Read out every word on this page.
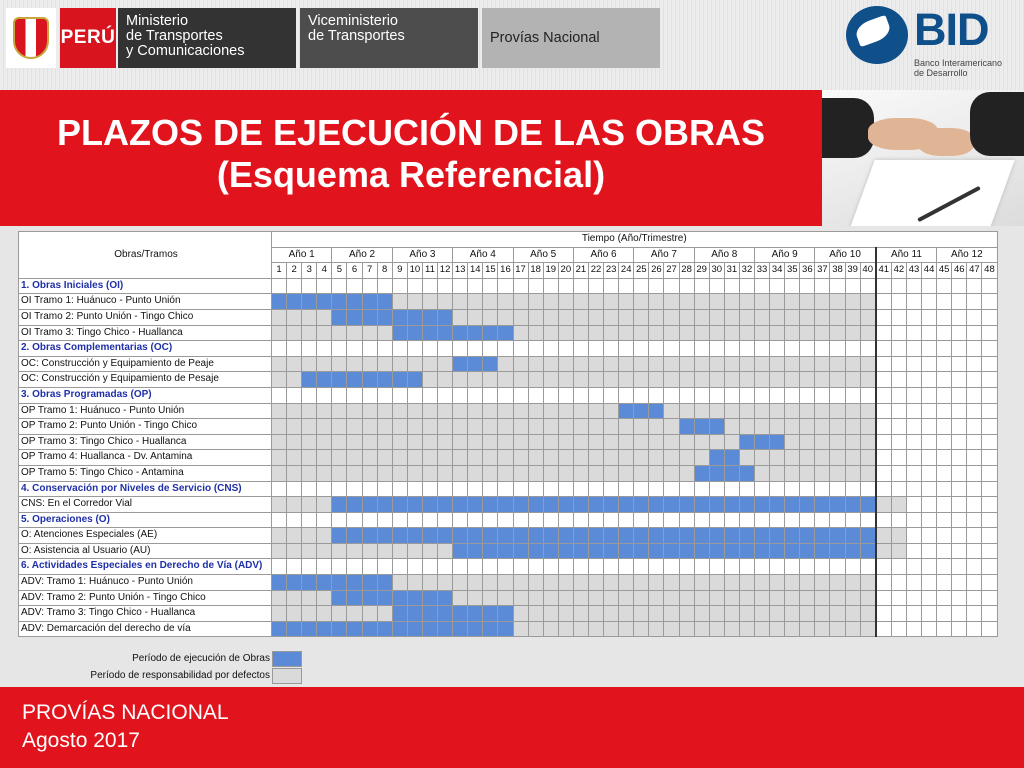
PERÚ
Ministerio
de Transportes
y Comunicaciones
Viceministerio
de Transportes	Provías Nacional	BID
Banco Interamericano
de Desarrollo
PLAZOS DE EJECUCIÓN DE LAS OBRAS
(Esquema Referencial)
Obras/Tramos	Tiempo (Año/Trimestre)																																															
	Año 1				Año 2				Año 3				Año 4				Año 5				Año 6				Año 7				Año 8				Año 9				Año 10				Año 11				Año 12			
	1	2	3	4	5	6	7	8	9	10	11	12	13	14	15	16	17	18	19	20	21	22	23	24	25	26	27	28	29	30	31	32	33	34	35	36	37	38	39	40	41	42	43	44	45	46	47	48
1. Obras Iniciales (OI)																																																
OI Tramo 1: Huánuco - Punto Unión																																																
OI Tramo 2: Punto Unión - Tingo Chico																																																
OI Tramo 3: Tingo Chico - Huallanca																																																
2. Obras Complementarias (OC)																																																
OC: Construcción y Equipamiento de Peaje																																																
OC: Construcción y Equipamiento de Pesaje																																																
3. Obras Programadas (OP)																																																
OP Tramo 1: Huánuco - Punto Unión																																																
OP Tramo 2: Punto Unión - Tingo Chico																																																
OP Tramo 3: Tingo Chico - Huallanca																																																
OP Tramo 4: Huallanca - Dv. Antamina																																																
OP Tramo 5: Tingo Chico - Antamina																																																
4. Conservación por Niveles de Servicio (CNS)																																																
CNS: En el Corredor Vial																																																
5. Operaciones (O)																																																
O: Atenciones Especiales (AE)																																																
O: Asistencia al Usuario (AU)																																																
6. Actividades Especiales en Derecho de Vía (ADV)																																																
ADV: Tramo 1: Huánuco - Punto Unión																																																
ADV: Tramo 2: Punto Unión - Tingo Chico																																																
ADV: Tramo 3: Tingo Chico - Huallanca																																																
ADV: Demarcación del derecho de vía																																																
Período de ejecución de Obras
Período de responsabilidad por defectos
PROVÍAS NACIONAL
Agosto 2017
